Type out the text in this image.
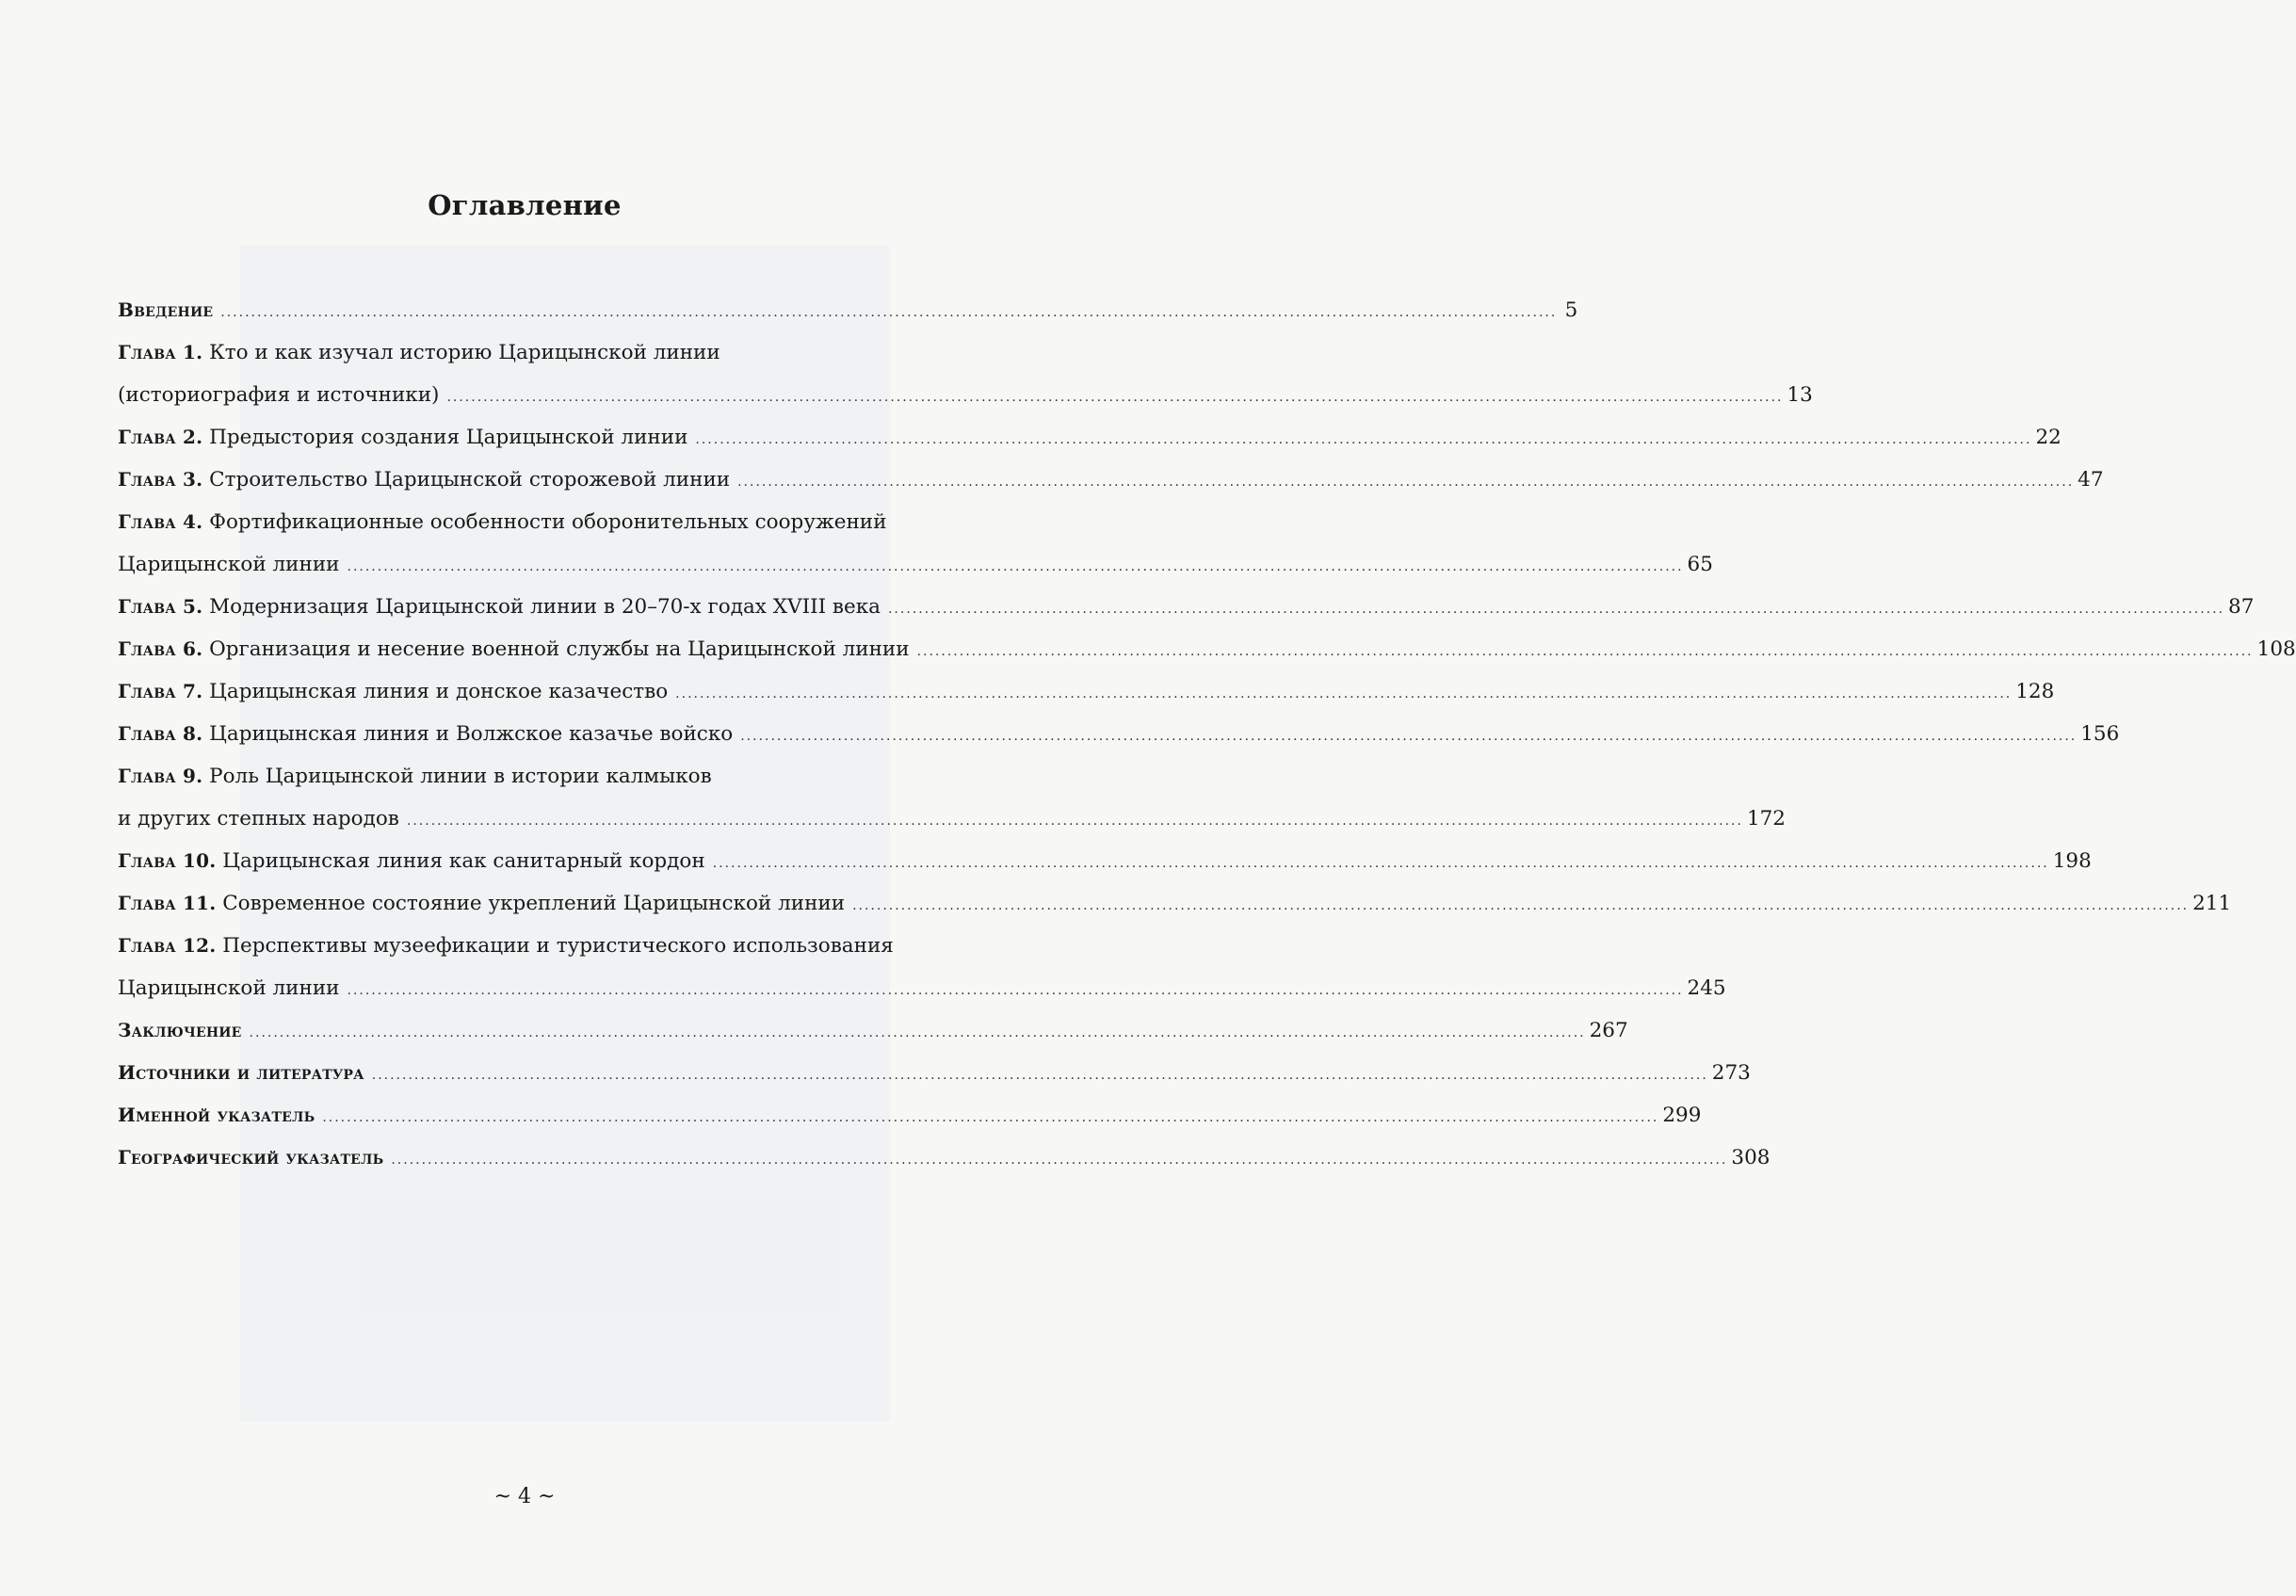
Оглавление
Введение ............................................................................................................................................................................................................................ 5
Глава 1. Кто и как изучал историю Царицынской линии
(историография и источники) ............................................................................................................................................................................................................................ 13
Глава 2. Предыстория создания Царицынской линии ............................................................................................................................................................................................................................ 22
Глава 3. Строительство Царицынской сторожевой линии ............................................................................................................................................................................................................................ 47
Глава 4. Фортификационные особенности оборонительных сооружений
Царицынской линии ............................................................................................................................................................................................................................ 65
Глава 5. Модернизация Царицынской линии в 20–70-х годах XVIII века ............................................................................................................................................................................................................................ 87
Глава 6. Организация и несение военной службы на Царицынской линии ............................................................................................................................................................................................................................ 108
Глава 7. Царицынская линия и донское казачество ............................................................................................................................................................................................................................ 128
Глава 8. Царицынская линия и Волжское казачье войско ............................................................................................................................................................................................................................ 156
Глава 9. Роль Царицынской линии в истории калмыков
и других степных народов ............................................................................................................................................................................................................................ 172
Глава 10. Царицынская линия как санитарный кордон ............................................................................................................................................................................................................................ 198
Глава 11. Современное состояние укреплений Царицынской линии ............................................................................................................................................................................................................................ 211
Глава 12. Перспективы музеефикации и туристического использования
Царицынской линии ............................................................................................................................................................................................................................ 245
Заключение ............................................................................................................................................................................................................................ 267
Источники и литература ............................................................................................................................................................................................................................ 273
Именной указатель ............................................................................................................................................................................................................................ 299
Географический указатель ............................................................................................................................................................................................................................ 308
~ 4 ~
